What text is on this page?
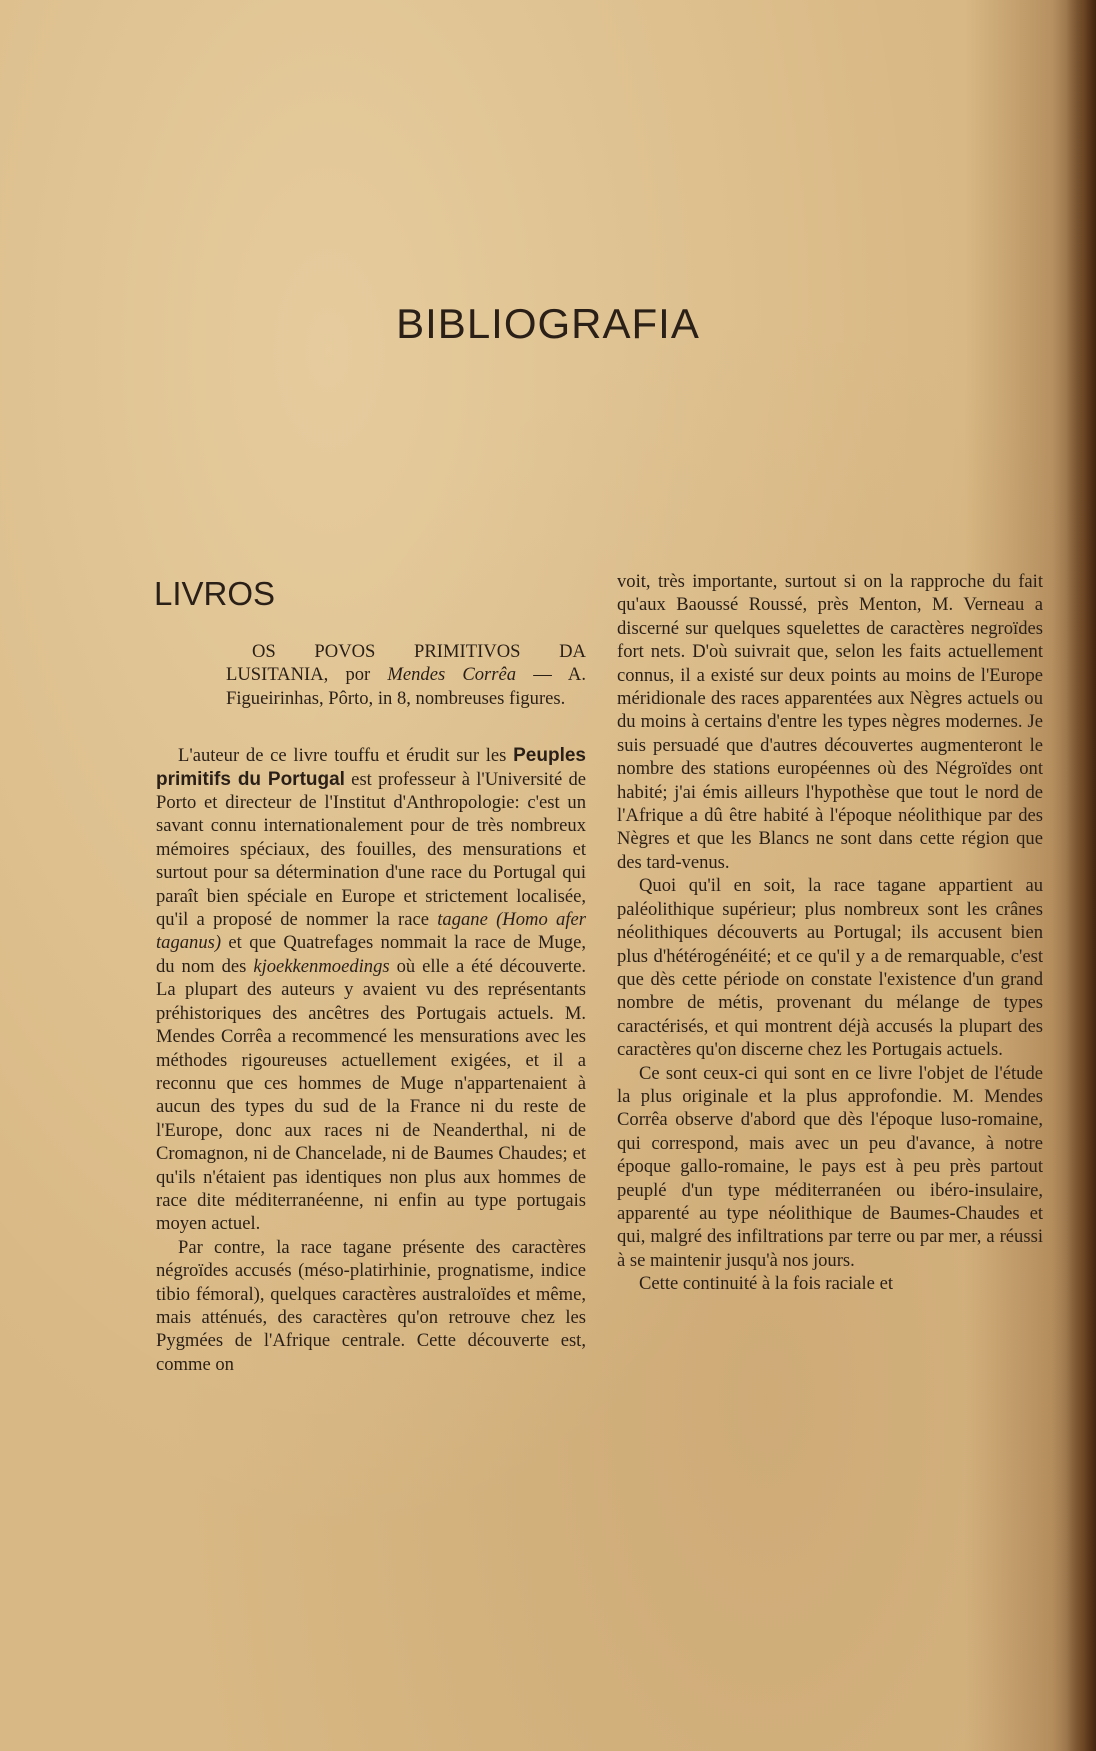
BIBLIOGRAFIA
LIVROS
OS POVOS PRIMITIVOS DA LUSITANIA, por Mendes Corrêa — A. Figueirinhas, Pôrto, in 8, nombreuses figures.

L'auteur de ce livre touffu et érudit sur les Peuples primitifs du Portugal est professeur à l'Université de Porto et directeur de l'Institut d'Anthropologie: c'est un savant connu internationalement pour de très nombreux mémoires spéciaux, des fouilles, des mensurations et surtout pour sa détermination d'une race du Portugal qui paraît bien spéciale en Europe et strictement localisée, qu'il a proposé de nommer la race tagane (Homo afer taganus) et que Quatrefages nommait la race de Muge, du nom des kjoekkenmoedings où elle a été découverte. La plupart des auteurs y avaient vu des représentants préhistoriques des ancêtres des Portugais actuels. M. Mendes Corrêa a recommencé les mensurations avec les méthodes rigoureuses actuellement exigées, et il a reconnu que ces hommes de Muge n'appartenaient à aucun des types du sud de la France ni du reste de l'Europe, donc aux races ni de Neanderthal, ni de Cromagnon, ni de Chancelade, ni de Baumes Chaudes; et qu'ils n'étaient pas identiques non plus aux hommes de race dite méditerranéenne, ni enfin au type portugais moyen actuel.

Par contre, la race tagane présente des caractères négroïdes accusés (méso-platirhinie, prognatisme, indice tibio fémoral), quelques caractères australoïdes et même, mais atténués, des caractères qu'on retrouve chez les Pygmées de l'Afrique centrale. Cette découverte est, comme on

voit, très importante, surtout si on la rapproche du fait qu'aux Baoussé Roussé, près Menton, M. Verneau a discerné sur quelques squelettes de caractères negroïdes fort nets. D'où suivrait que, selon les faits actuellement connus, il a existé sur deux points au moins de l'Europe méridionale des races apparentées aux Nègres actuels ou du moins à certains d'entre les types nègres modernes. Je suis persuadé que d'autres découvertes augmenteront le nombre des stations européennes où des Négroïdes ont habité; j'ai émis ailleurs l'hypothèse que tout le nord de l'Afrique a dû être habité à l'époque néolithique par des Nègres et que les Blancs ne sont dans cette région que des tard-venus.

Quoi qu'il en soit, la race tagane appartient au paléolithique supérieur; plus nombreux sont les crânes néolithiques découverts au Portugal; ils accusent bien plus d'hétérogénéité; et ce qu'il y a de remarquable, c'est que dès cette période on constate l'existence d'un grand nombre de métis, provenant du mélange de types caractérisés, et qui montrent déjà accusés la plupart des caractères qu'on discerne chez les Portugais actuels.

Ce sont ceux-ci qui sont en ce livre l'objet de l'étude la plus originale et la plus approfondie. M. Mendes Corrêa observe d'abord que dès l'époque luso-romaine, qui correspond, mais avec un peu d'avance, à notre époque gallo-romaine, le pays est à peu près partout peuplé d'un type méditerranéen ou ibéro-insulaire, apparenté au type néolithique de Baumes-Chaudes et qui, malgré des infiltrations par terre ou par mer, a réussi à se maintenir jusqu'à nos jours.

Cette continuité à la fois raciale et
